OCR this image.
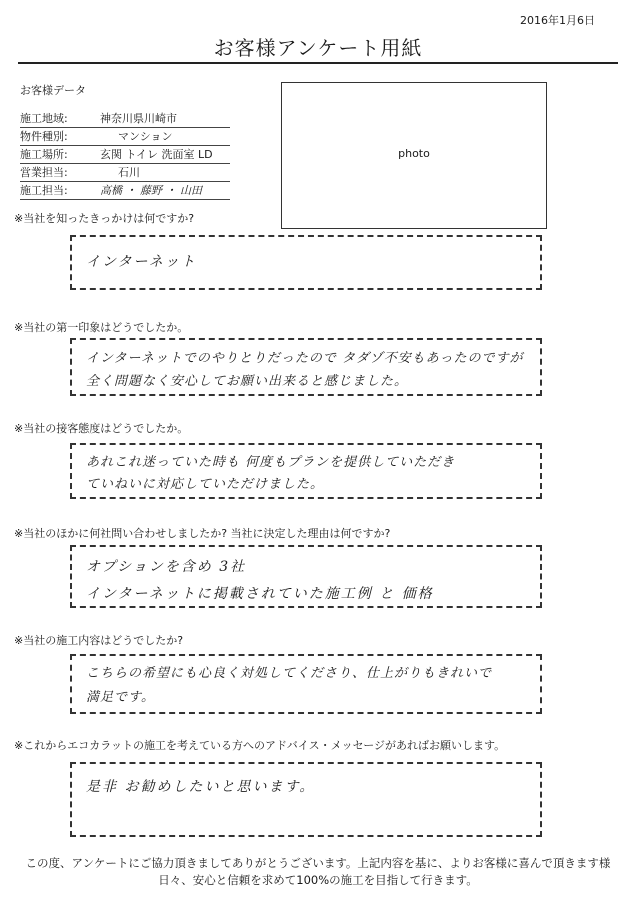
2016年1月6日
お客様アンケート用紙
お客様データ
施工地域:	神奈川県川崎市
物件種別:	マンション
施工場所:	玄関 トイレ 洗面室 LD
営業担当:	石川
施工担当:	高橋 ・ 藤野 ・ 山田
photo
※当社を知ったきっかけは何ですか?
インターネット
※当社の第一印象はどうでしたか。
インターネットでのやりとりだったので タダゾ不安もあったのですが
全く問題なく安心してお願い出来ると感じました。
※当社の接客態度はどうでしたか。
あれこれ迷っていた時も 何度もプランを提供していただき
ていねいに対応していただけました。
※当社のほかに何社問い合わせしましたか? 当社に決定した理由は何ですか?
オプションを含め 3社
インターネットに掲載されていた施工例 と 価格
※当社の施工内容はどうでしたか?
こちらの希望にも心良く対処してくださり、仕上がりもきれいで
満足です。
※これからエコカラットの施工を考えている方へのアドバイス・メッセージがあればお願いします。
是非 お勧めしたいと思います。
この度、アンケートにご協力頂きましてありがとうございます。上記内容を基に、よりお客様に喜んで頂きます様
日々、安心と信頼を求めて100%の施工を目指して行きます。
